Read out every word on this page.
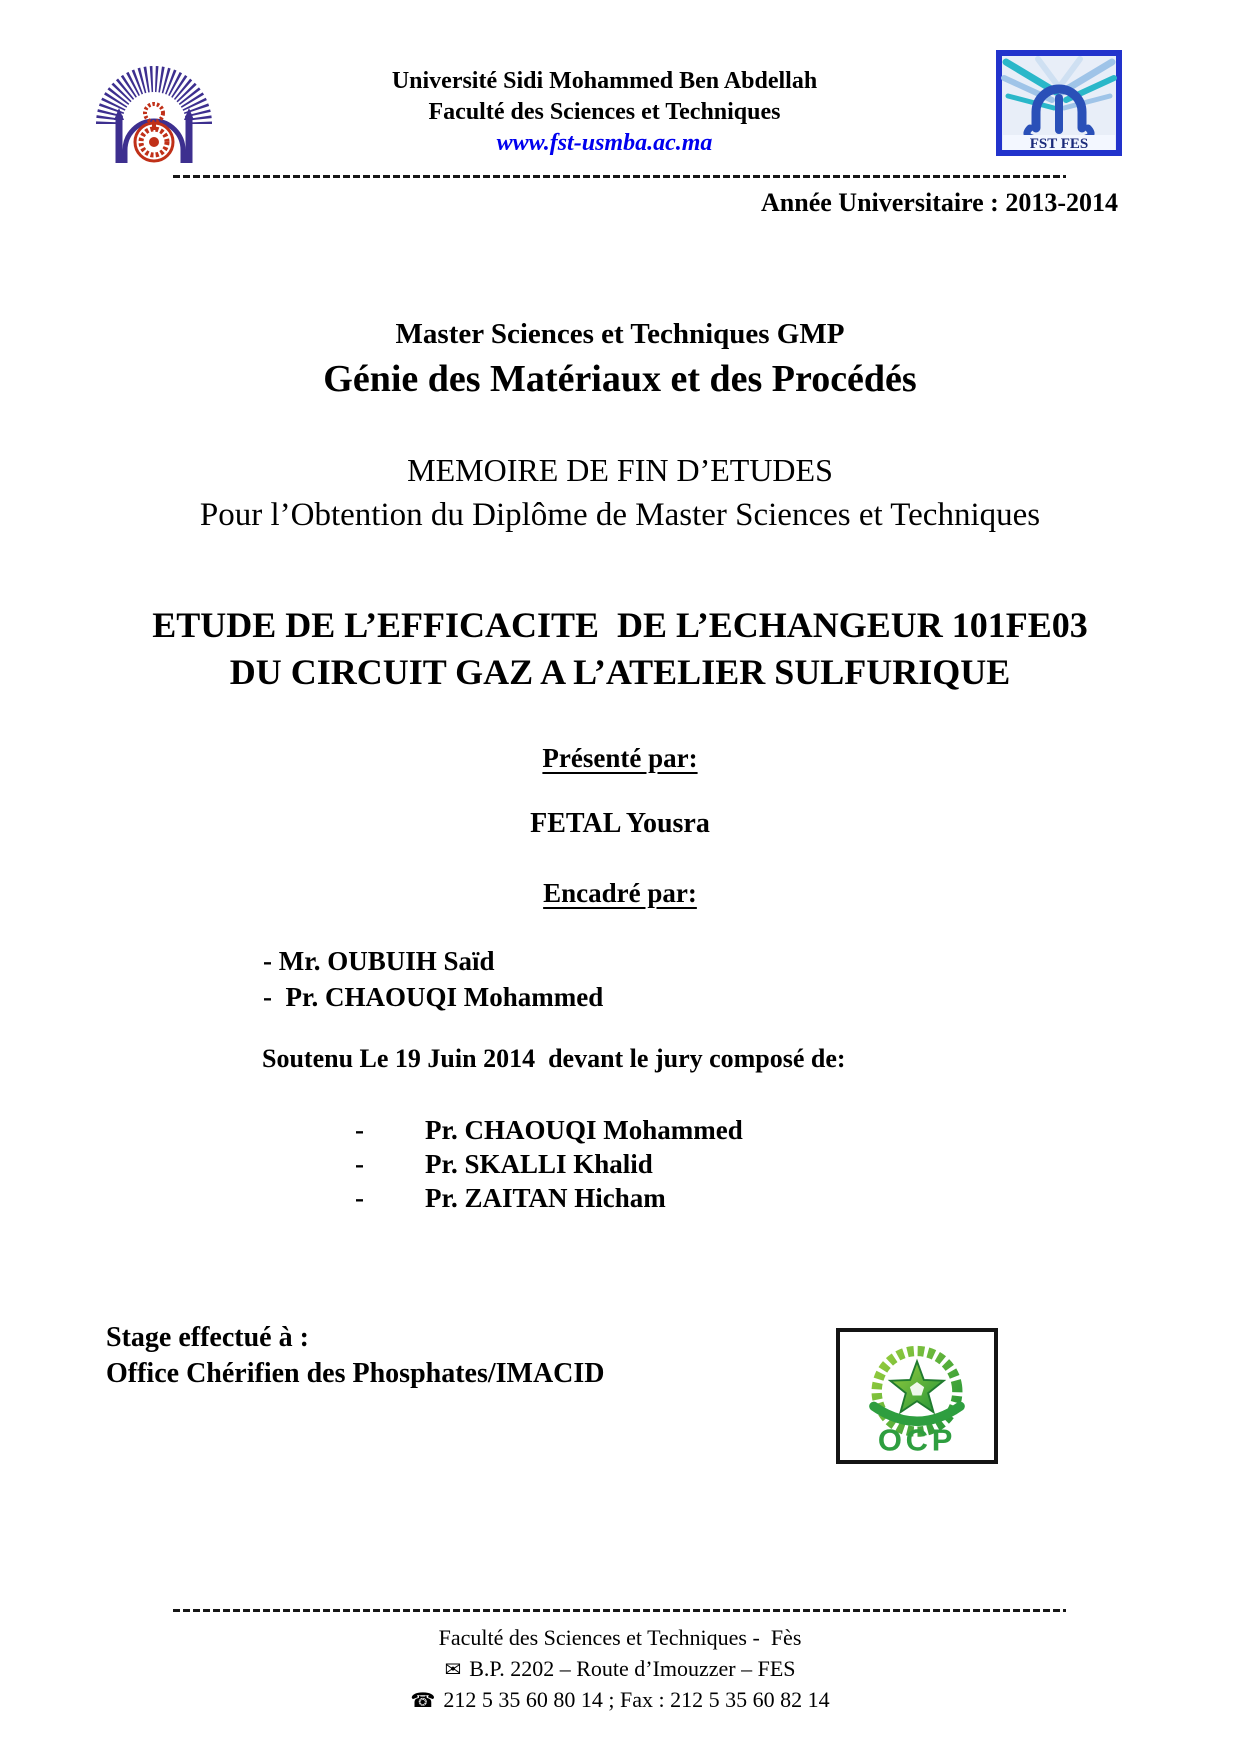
Université Sidi Mohammed Ben Abdellah
Faculté des Sciences et Techniques
www.fst-usmba.ac.ma	FST FES
Année Universitaire : 2013-2014
Master Sciences et Techniques GMP
Génie des Matériaux et des Procédés
MEMOIRE DE FIN D’ETUDES
Pour l’Obtention du Diplôme de Master Sciences et Techniques
ETUDE DE L’EFFICACITE  DE L’ECHANGEUR 101FE03
DU CIRCUIT GAZ A L’ATELIER SULFURIQUE
Présenté par:
FETAL Yousra
Encadré par:
- Mr. OUBUIH Saïd
-  Pr. CHAOUQI Mohammed
Soutenu Le 19 Juin 2014  devant le jury composé de:
-	Pr. CHAOUQI Mohammed
-	Pr. SKALLI Khalid
-	Pr. ZAITAN Hicham
Stage effectué à :
Office Chérifien des Phosphates/IMACID
OCP
Faculté des Sciences et Techniques -  Fès
✉ B.P. 2202 – Route d’Imouzzer – FES
☎ 212 5 35 60 80 14 ; Fax : 212 5 35 60 82 14
